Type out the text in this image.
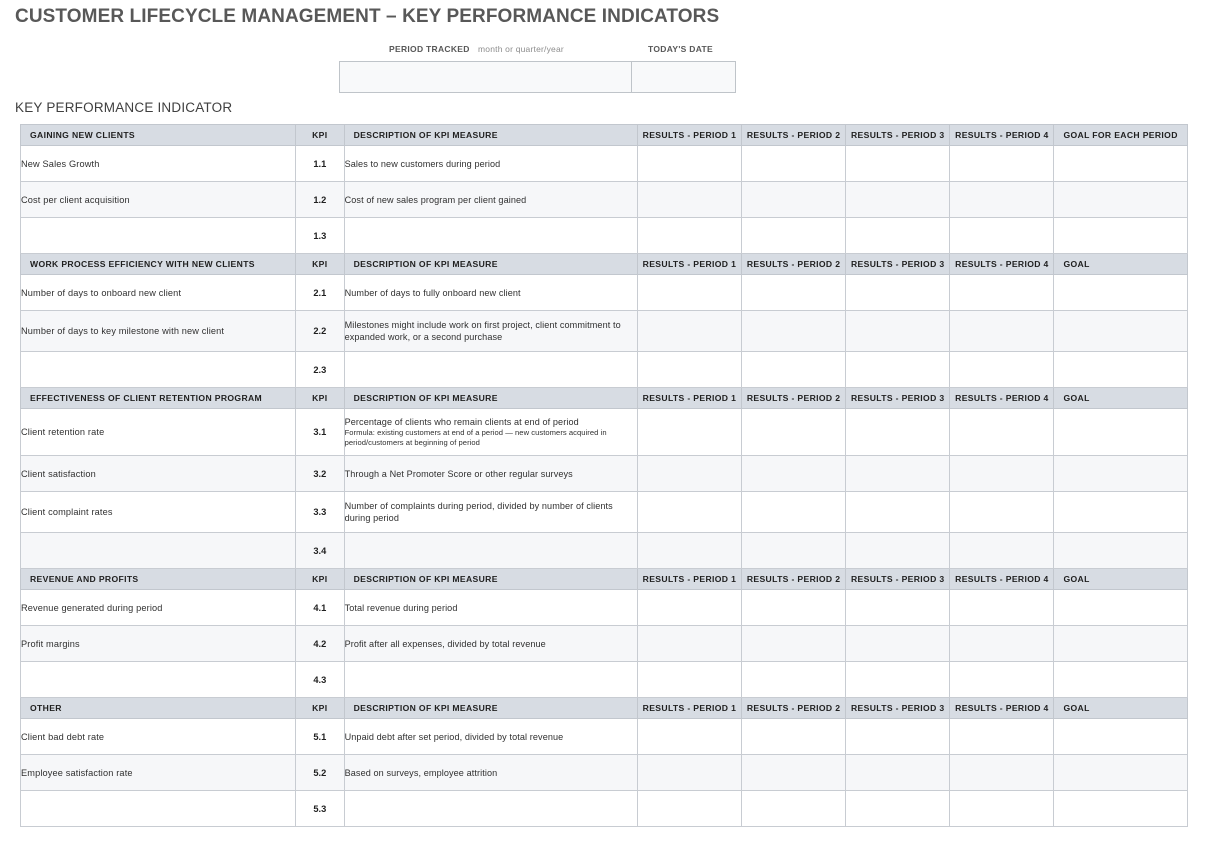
CUSTOMER LIFECYCLE MANAGEMENT – KEY PERFORMANCE INDICATORS
PERIOD TRACKED month or quarter/year	TODAY'S DATE
KEY PERFORMANCE INDICATOR
GAINING NEW CLIENTS	KPI	DESCRIPTION OF KPI MEASURE	RESULTS - PERIOD 1	RESULTS - PERIOD 2	RESULTS - PERIOD 3	RESULTS - PERIOD 4	GOAL FOR EACH PERIOD

New Sales Growth	1.1	Sales to new customers during period					

Cost per client acquisition	1.2	Cost of new sales program per client gained					

	1.3						

WORK PROCESS EFFICIENCY WITH NEW CLIENTS	KPI	DESCRIPTION OF KPI MEASURE	RESULTS - PERIOD 1	RESULTS - PERIOD 2	RESULTS - PERIOD 3	RESULTS - PERIOD 4	GOAL

Number of days to onboard new client	2.1	Number of days to fully onboard new client					

Number of days to key milestone with new client	2.2	Milestones might include work on first project, client commitment to expanded work, or a second purchase					

	2.3						

EFFECTIVENESS OF CLIENT RETENTION PROGRAM	KPI	DESCRIPTION OF KPI MEASURE	RESULTS - PERIOD 1	RESULTS - PERIOD 2	RESULTS - PERIOD 3	RESULTS - PERIOD 4	GOAL

Client retention rate	3.1	Percentage of clients who remain clients at end of period
Formula: existing customers at end of a period — new customers acquired in period/customers at beginning of period					

Client satisfaction	3.2	Through a Net Promoter Score or other regular surveys					

Client complaint rates	3.3	Number of complaints during period, divided by number of clients during period					

	3.4						

REVENUE AND PROFITS	KPI	DESCRIPTION OF KPI MEASURE	RESULTS - PERIOD 1	RESULTS - PERIOD 2	RESULTS - PERIOD 3	RESULTS - PERIOD 4	GOAL

Revenue generated during period	4.1	Total revenue during period					

Profit margins	4.2	Profit after all expenses, divided by total revenue					

	4.3						

OTHER	KPI	DESCRIPTION OF KPI MEASURE	RESULTS - PERIOD 1	RESULTS - PERIOD 2	RESULTS - PERIOD 3	RESULTS - PERIOD 4	GOAL

Client bad debt rate	5.1	Unpaid debt after set period, divided by total revenue					

Employee satisfaction rate	5.2	Based on surveys, employee attrition					

	5.3						
